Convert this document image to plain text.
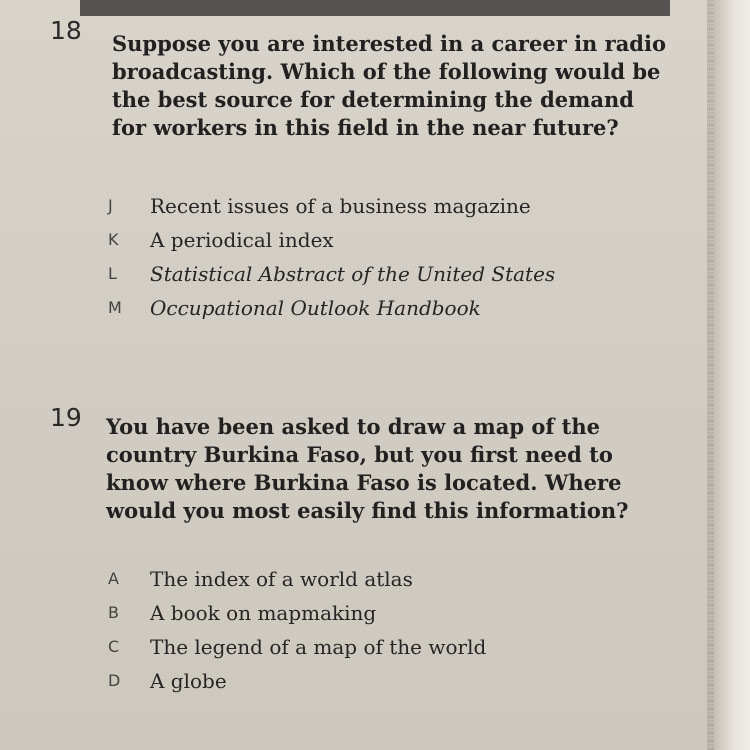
18 Suppose you are interested in a career in radio broadcasting. Which of the following would be the best source for determining the demand for workers in this field in the near future?

J	Recent issues of a business magazine
K	A periodical index
L	Statistical Abstract of the United States
M	Occupational Outlook Handbook
19 You have been asked to draw a map of the country Burkina Faso, but you first need to know where Burkina Faso is located. Where would you most easily find this information?

A	The index of a world atlas
B	A book on mapmaking
C	The legend of a map of the world
D	A globe
